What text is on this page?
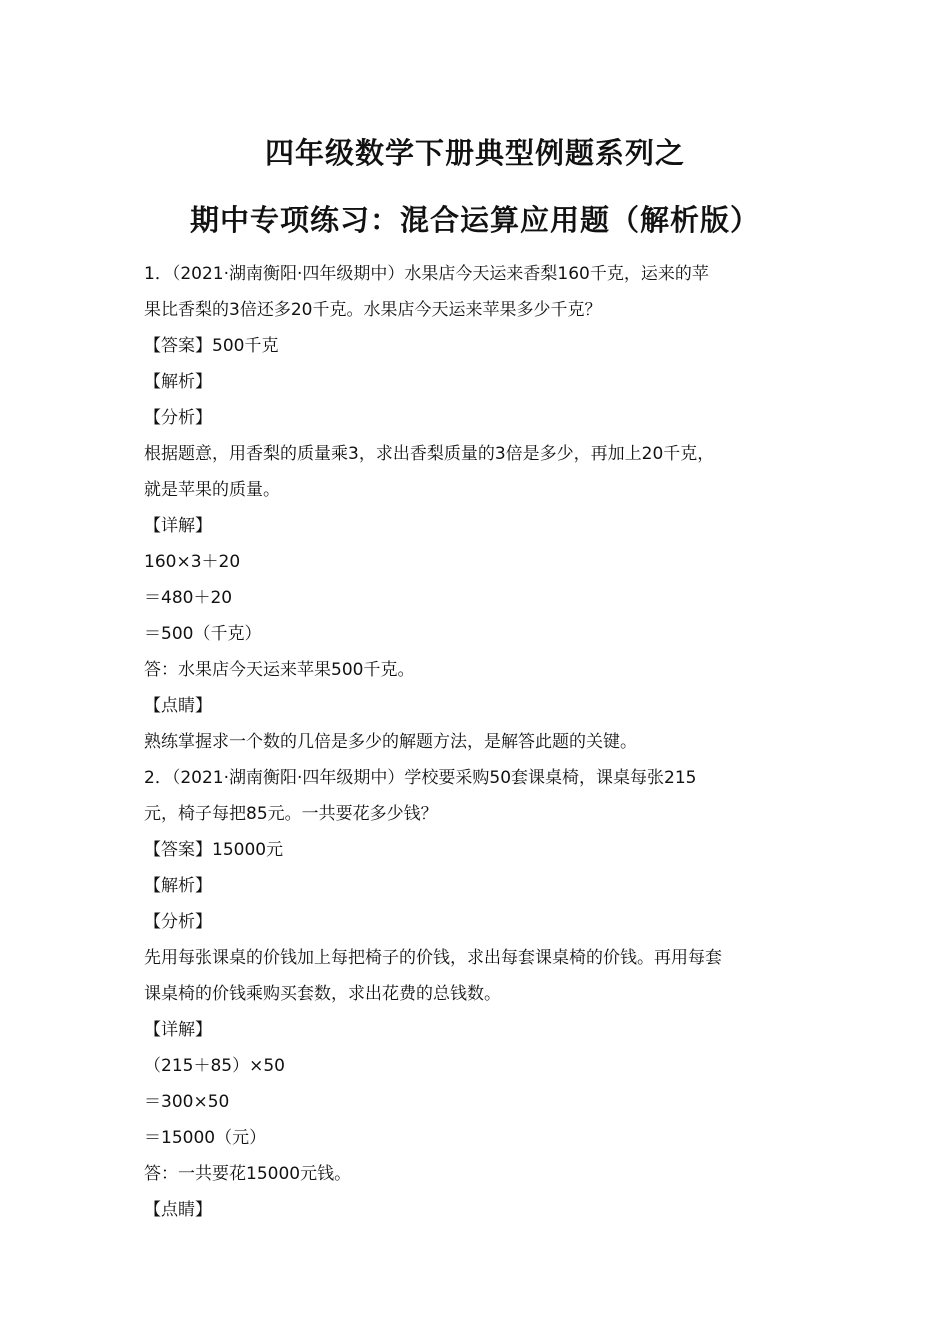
四年级数学下册典型例题系列之
期中专项练习：混合运算应用题（解析版）
1．（2021·湖南衡阳·四年级期中）水果店今天运来香梨160千克，运来的苹
果比香梨的3倍还多20千克。水果店今天运来苹果多少千克？
【答案】500千克
【解析】
【分析】
根据题意，用香梨的质量乘3，求出香梨质量的3倍是多少，再加上20千克，
就是苹果的质量。
【详解】
160×3＋20
＝480＋20
＝500（千克）
答：水果店今天运来苹果500千克。
【点睛】
熟练掌握求一个数的几倍是多少的解题方法，是解答此题的关键。
2．（2021·湖南衡阳·四年级期中）学校要采购50套课桌椅，课桌每张215
元，椅子每把85元。一共要花多少钱？
【答案】15000元
【解析】
【分析】
先用每张课桌的价钱加上每把椅子的价钱，求出每套课桌椅的价钱。再用每套
课桌椅的价钱乘购买套数，求出花费的总钱数。
【详解】
（215＋85）×50
＝300×50
＝15000（元）
答：一共要花15000元钱。
【点睛】
